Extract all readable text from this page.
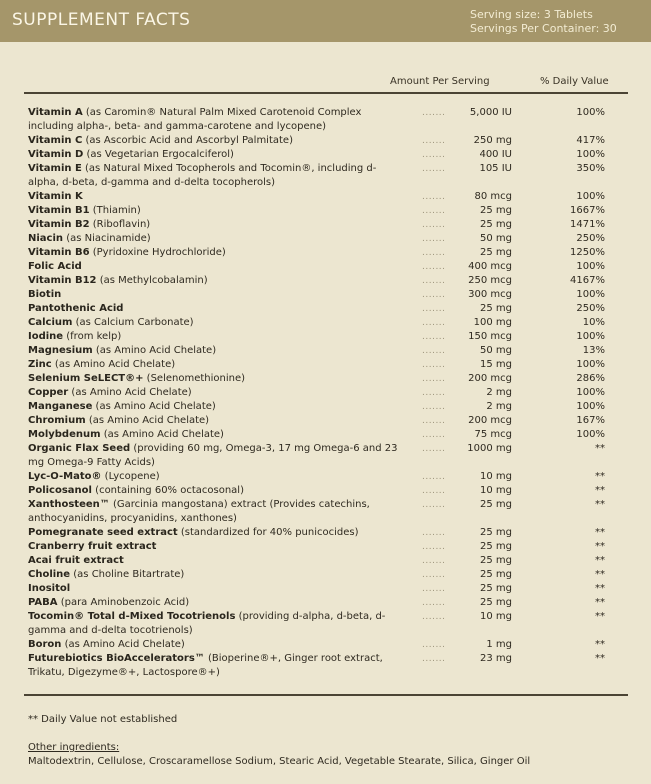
SUPPLEMENT FACTS	Serving size: 3 Tablets
Servings Per Container: 30
Amount Per Serving	% Daily Value
Vitamin A (as Caromin® Natural Palm Mixed Carotenoid Complex including alpha-, beta- and gamma-carotene and lycopene)
.......	5,000 IU	100%
Vitamin C (as Ascorbic Acid and Ascorbyl Palmitate)	.......	250 mg	417%
Vitamin D (as Vegetarian Ergocalciferol)	.......	400 IU	100%
Vitamin E (as Natural Mixed Tocopherols and Tocomin®, including d-alpha, d-beta, d-gamma and d-delta tocopherols)
.......	105 IU	350%
Vitamin K	.......	80 mcg	100%
Vitamin B1 (Thiamin)	.......	25 mg	1667%
Vitamin B2 (Riboflavin)	.......	25 mg	1471%
Niacin (as Niacinamide)	.......	50 mg	250%
Vitamin B6 (Pyridoxine Hydrochloride)	.......	25 mg	1250%
Folic Acid	.......	400 mcg	100%
Vitamin B12 (as Methylcobalamin)	.......	250 mcg	4167%
Biotin	.......	300 mcg	100%
Pantothenic Acid	.......	25 mg	250%
Calcium (as Calcium Carbonate)	.......	100 mg	10%
Iodine (from kelp)	.......	150 mcg	100%
Magnesium (as Amino Acid Chelate)	.......	50 mg	13%
Zinc (as Amino Acid Chelate)	.......	15 mg	100%
Selenium SeLECT®+ (Selenomethionine)	.......	200 mcg	286%
Copper (as Amino Acid Chelate)	.......	2 mg	100%
Manganese (as Amino Acid Chelate)	.......	2 mg	100%
Chromium (as Amino Acid Chelate)	.......	200 mcg	167%
Molybdenum (as Amino Acid Chelate)	.......	75 mcg	100%
Organic Flax Seed (providing 60 mg, Omega-3, 17 mg Omega-6 and 23 mg Omega-9 Fatty Acids)
.......	1000 mg	**
Lyc-O-Mato® (Lycopene)	.......	10 mg	**
Policosanol (containing 60% octacosonal)	.......	10 mg	**
Xanthosteen™ (Garcinia mangostana) extract (Provides catechins, anthocyanidins, procyanidins, xanthones)
.......	25 mg	**
Pomegranate seed extract (standardized for 40% punicocides)	.......	25 mg	**
Cranberry fruit extract	.......	25 mg	**
Acai fruit extract	.......	25 mg	**
Choline (as Choline Bitartrate)	.......	25 mg	**
Inositol	.......	25 mg	**
PABA (para Aminobenzoic Acid)	.......	25 mg	**
Tocomin® Total d-Mixed Tocotrienols (providing d-alpha, d-beta, d-gamma and d-delta tocotrienols)
.......	10 mg	**
Boron (as Amino Acid Chelate)	.......	1 mg	**
Futurebiotics BioAccelerators™ (Bioperine®+, Ginger root extract, Trikatu, Digezyme®+, Lactospore®+)
.......	23 mg	**
** Daily Value not established
Other ingredients:
Maltodextrin, Cellulose, Croscaramellose Sodium, Stearic Acid, Vegetable Stearate, Silica, Ginger Oil
